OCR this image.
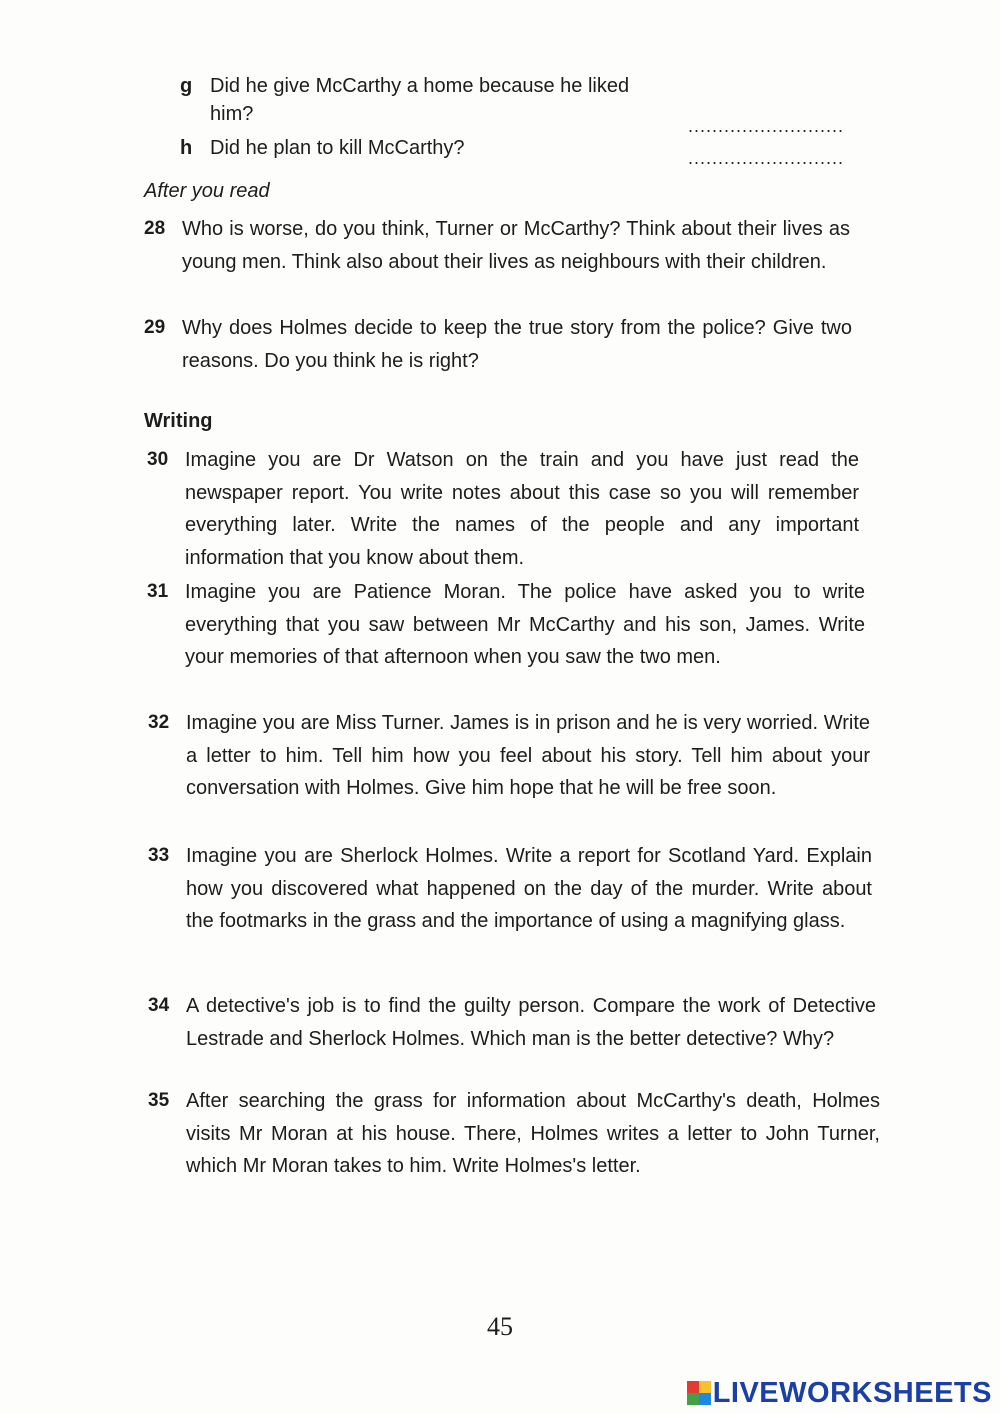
g Did he give McCarthy a home because he liked him?
..........................
h Did he plan to kill McCarthy?	..........................
After you read
28 Who is worse, do you think, Turner or McCarthy? Think about their lives as young men. Think also about their lives as neighbours with their children.
29 Why does Holmes decide to keep the true story from the police? Give two reasons. Do you think he is right?
Writing
30 Imagine you are Dr Watson on the train and you have just read the newspaper report. You write notes about this case so you will remember everything later. Write the names of the people and any important information that you know about them.
31 Imagine you are Patience Moran. The police have asked you to write everything that you saw between Mr McCarthy and his son, James. Write your memories of that afternoon when you saw the two men.
32 Imagine you are Miss Turner. James is in prison and he is very worried. Write a letter to him. Tell him how you feel about his story. Tell him about your conversation with Holmes. Give him hope that he will be free soon.
33 Imagine you are Sherlock Holmes. Write a report for Scotland Yard. Explain how you discovered what happened on the day of the murder. Write about the footmarks in the grass and the importance of using a magnifying glass.
34 A detective's job is to find the guilty person. Compare the work of Detective Lestrade and Sherlock Holmes. Which man is the better detective? Why?
35 After searching the grass for information about McCarthy's death, Holmes visits Mr Moran at his house. There, Holmes writes a letter to John Turner, which Mr Moran takes to him. Write Holmes's letter.
45
LIVEWORKSHEETS
